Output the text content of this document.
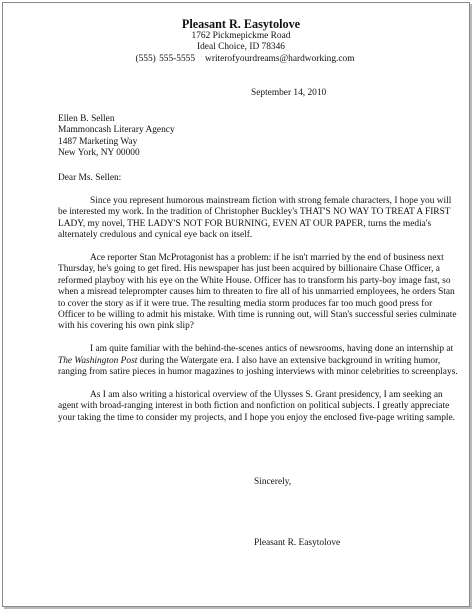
Pleasant R. Easytolove
1762 Pickmepickme Road
Ideal Choice, ID 78346
(555) 555-5555 writerofyourdreams@hardworking.com
September 14, 2010
Ellen B. Sellen
Mammoncash Literary Agency
1487 Marketing Way
New York, NY 00000
Dear Ms. Sellen:

Since you represent humorous mainstream fiction with strong female characters, I hope you will be interested my work. In the tradition of Christopher Buckley's THAT'S NO WAY TO TREAT A FIRST LADY, my novel, THE LADY'S NOT FOR BURNING, EVEN AT OUR PAPER, turns the media's alternately credulous and cynical eye back on itself.

Ace reporter Stan McProtagonist has a problem: if he isn't married by the end of business next Thursday, he's going to get fired. His newspaper has just been acquired by billionaire Chase Officer, a reformed playboy with his eye on the White House. Officer has to transform his party-boy image fast, so when a misread teleprompter causes him to threaten to fire all of his unmarried employees, he orders Stan to cover the story as if it were true. The resulting media storm produces far too much good press for Officer to be willing to admit his mistake. With time is running out, will Stan's successful series culminate with his covering his own pink slip?

I am quite familiar with the behind-the-scenes antics of newsrooms, having done an internship at The Washington Post during the Watergate era. I also have an extensive background in writing humor, ranging from satire pieces in humor magazines to joshing interviews with minor celebrities to screenplays.

As I am also writing a historical overview of the Ulysses S. Grant presidency, I am seeking an agent with broad-ranging interest in both fiction and nonfiction on political subjects. I greatly appreciate your taking the time to consider my projects, and I hope you enjoy the enclosed five-page writing sample.

Sincerely,
Pleasant R. Easytolove
